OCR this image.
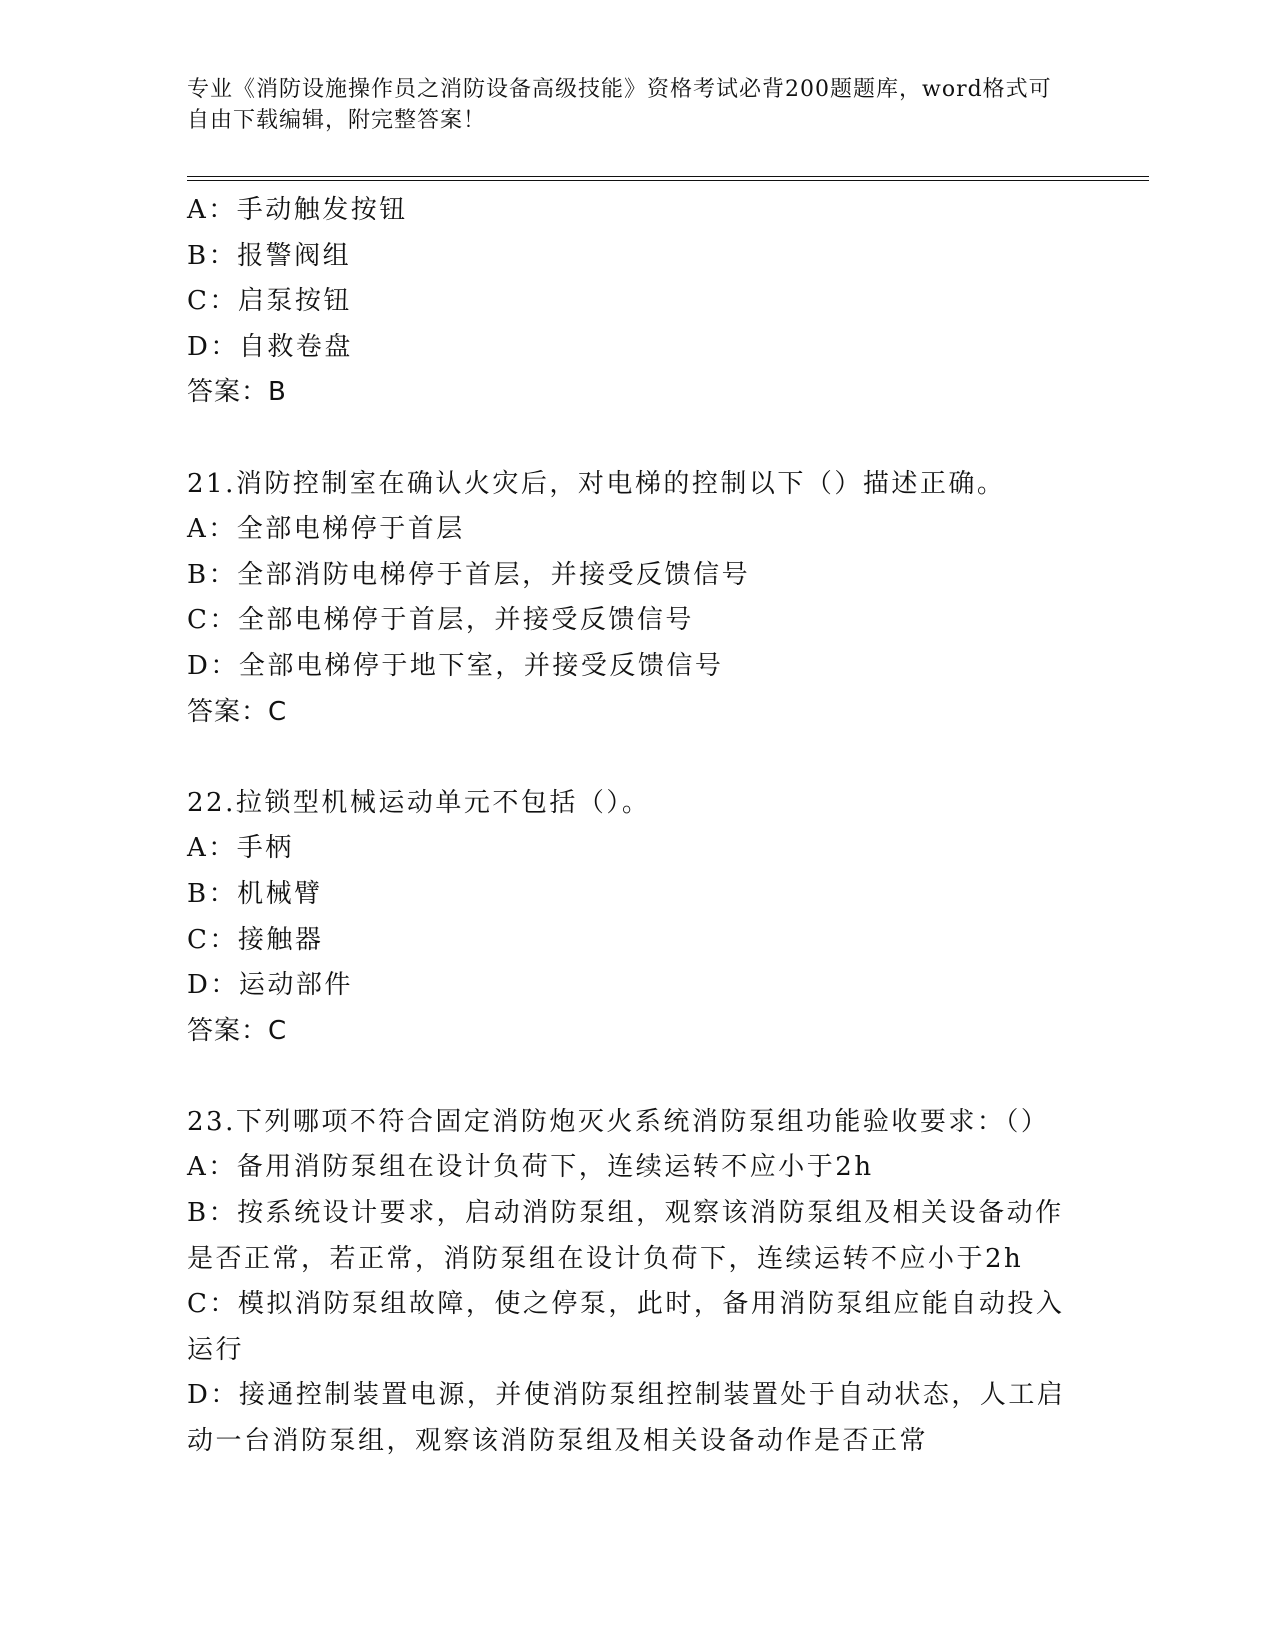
专业《消防设施操作员之消防设备高级技能》资格考试必背200题题库，word格式可自由下载编辑，附完整答案！
A：手动触发按钮
B：报警阀组
C：启泵按钮
D：自救卷盘
答案：B
21.消防控制室在确认火灾后，对电梯的控制以下（）描述正确。
A：全部电梯停于首层
B：全部消防电梯停于首层，并接受反馈信号
C：全部电梯停于首层，并接受反馈信号
D：全部电梯停于地下室，并接受反馈信号
答案：C
22.拉锁型机械运动单元不包括（）。
A：手柄
B：机械臂
C：接触器
D：运动部件
答案：C
23.下列哪项不符合固定消防炮灭火系统消防泵组功能验收要求：（）
A：备用消防泵组在设计负荷下，连续运转不应小于2h
B：按系统设计要求，启动消防泵组，观察该消防泵组及相关设备动作是否正常，若正常，消防泵组在设计负荷下，连续运转不应小于2h
C：模拟消防泵组故障，使之停泵，此时，备用消防泵组应能自动投入运行
D：接通控制装置电源，并使消防泵组控制装置处于自动状态，人工启动一台消防泵组，观察该消防泵组及相关设备动作是否正常
